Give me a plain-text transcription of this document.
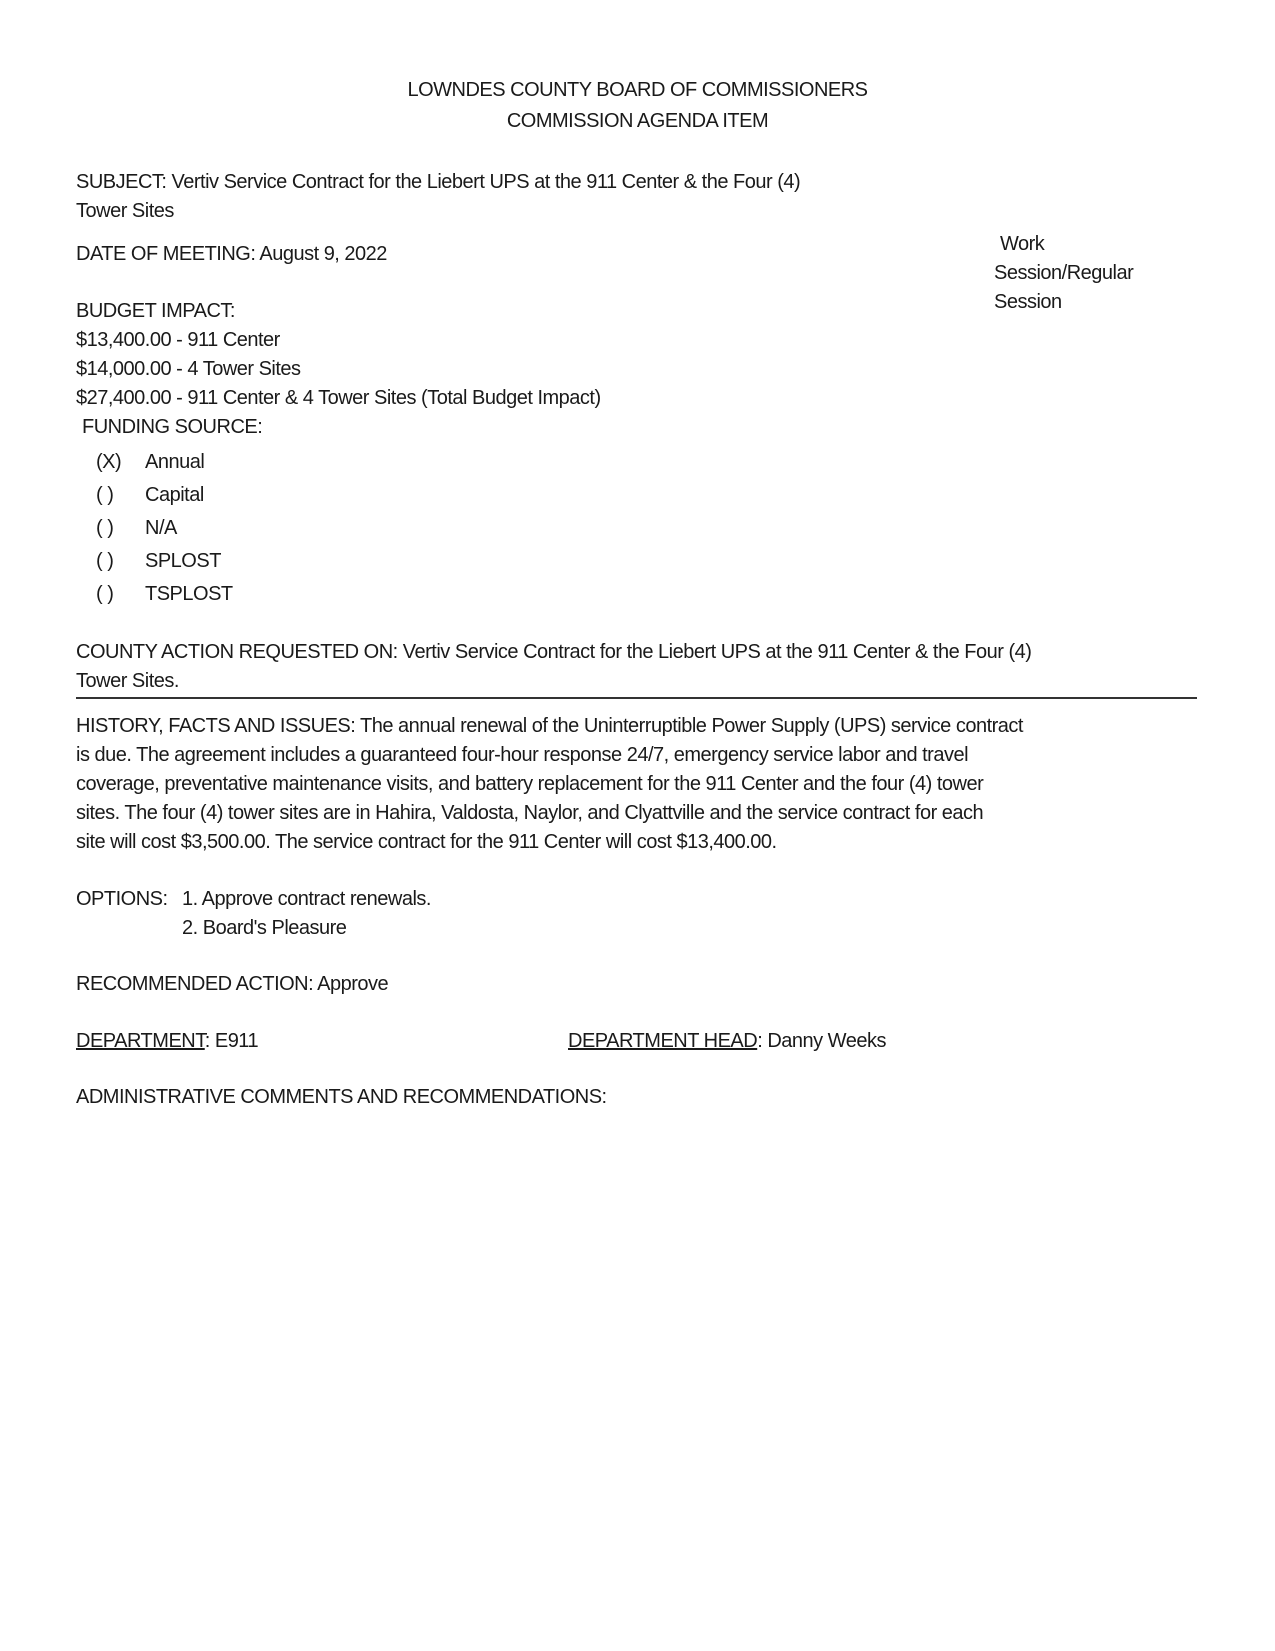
LOWNDES COUNTY BOARD OF COMMISSIONERS
COMMISSION AGENDA ITEM
SUBJECT: Vertiv Service Contract for the Liebert UPS at the 911 Center & the Four (4)
Tower Sites
DATE OF MEETING: August 9, 2022	Work
Session/Regular
Session
BUDGET IMPACT:
$13,400.00 - 911 Center
$14,000.00 - 4 Tower Sites
$27,400.00 - 911 Center & 4 Tower Sites (Total Budget Impact)
FUNDING SOURCE:
(X) Annual
( ) Capital
( ) N/A
( ) SPLOST
( ) TSPLOST
COUNTY ACTION REQUESTED ON: Vertiv Service Contract for the Liebert UPS at the 911 Center & the Four (4)
Tower Sites.
HISTORY, FACTS AND ISSUES: The annual renewal of the Uninterruptible Power Supply (UPS) service contract
is due. The agreement includes a guaranteed four-hour response 24/7, emergency service labor and travel
coverage, preventative maintenance visits, and battery replacement for the 911 Center and the four (4) tower
sites. The four (4) tower sites are in Hahira, Valdosta, Naylor, and Clyattville and the service contract for each
site will cost $3,500.00. The service contract for the 911 Center will cost $13,400.00.
OPTIONS: 1. Approve contract renewals.
2. Board's Pleasure
RECOMMENDED ACTION: Approve
DEPARTMENT: E911	DEPARTMENT HEAD: Danny Weeks
ADMINISTRATIVE COMMENTS AND RECOMMENDATIONS:
